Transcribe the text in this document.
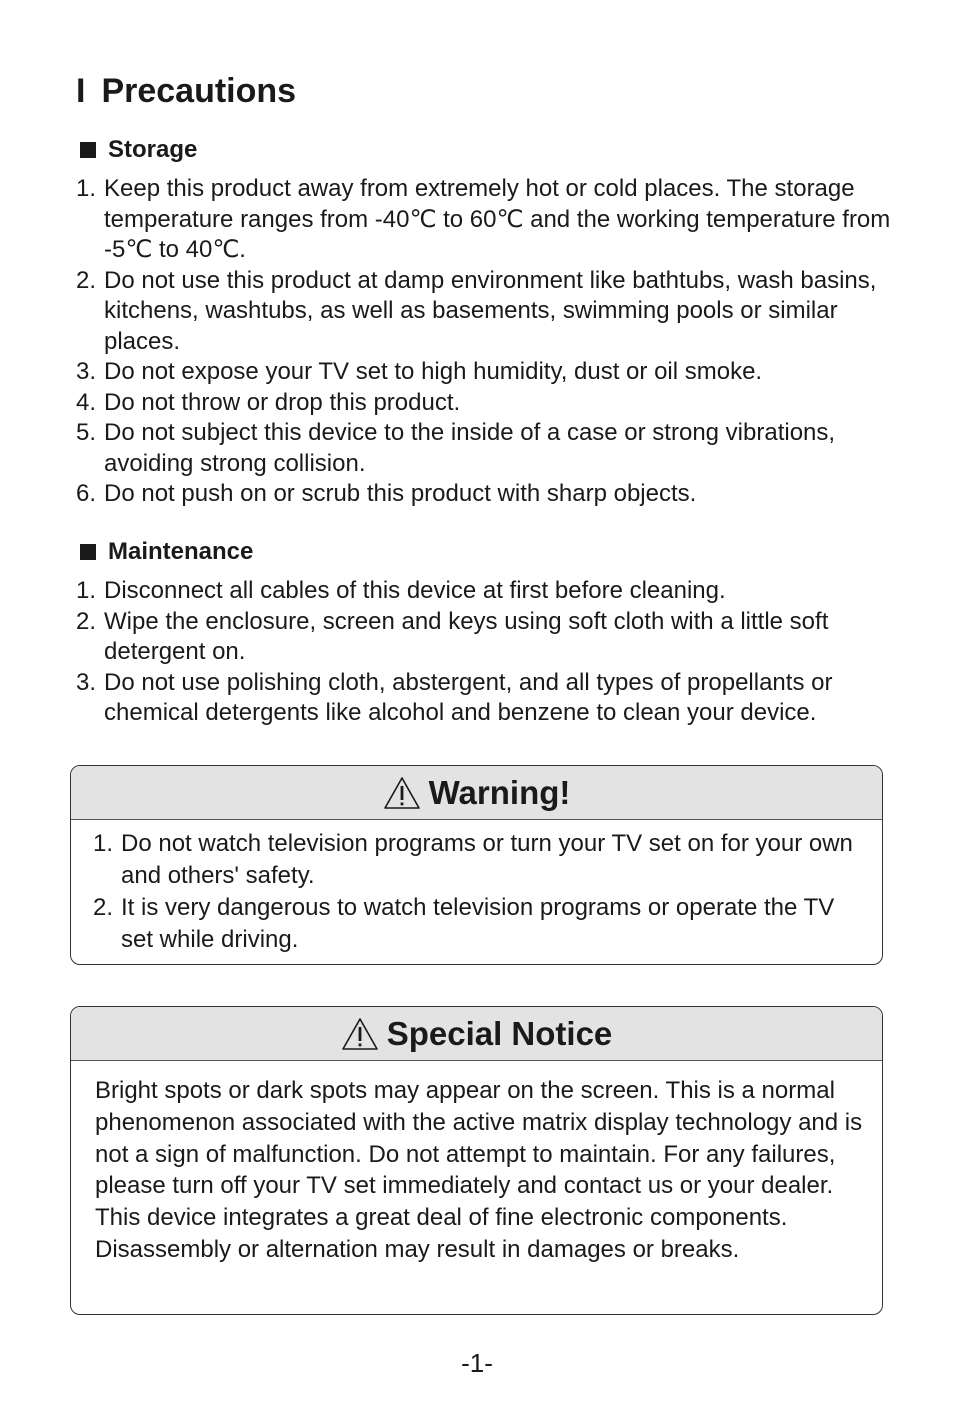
I Precautions
Storage
1. Keep this product away from extremely hot or cold places. The storage temperature ranges from -40℃ to 60℃ and the working temperature from -5℃ to 40℃.
2. Do not use this product at damp environment like bathtubs, wash basins, kitchens, washtubs, as well as basements, swimming pools or similar places.
3. Do not expose your TV set to high humidity, dust or oil smoke.
4. Do not throw or drop this product.
5. Do not subject this device to the inside of a case or strong vibrations, avoiding strong collision.
6. Do not push on or scrub this product with sharp objects.
Maintenance
1. Disconnect all cables of this device at first before cleaning.
2. Wipe the enclosure, screen and keys using soft cloth with a little soft detergent on.
3. Do not use polishing cloth, abstergent, and all types of propellants or chemical detergents like alcohol and benzene to clean your device.
Warning!
1. Do not watch television programs or turn your TV set on for your own and others' safety.
2. It is very dangerous to watch television programs or operate the TV set while driving.
Special Notice

Bright spots or dark spots may appear on the screen. This is a normal phenomenon associated with the active matrix display technology and is not a sign of malfunction. Do not attempt to maintain. For any failures, please turn off your TV set immediately and contact us or your dealer. This device integrates a great deal of fine electronic components. Disassembly or alternation may result in damages or breaks.

-1-
